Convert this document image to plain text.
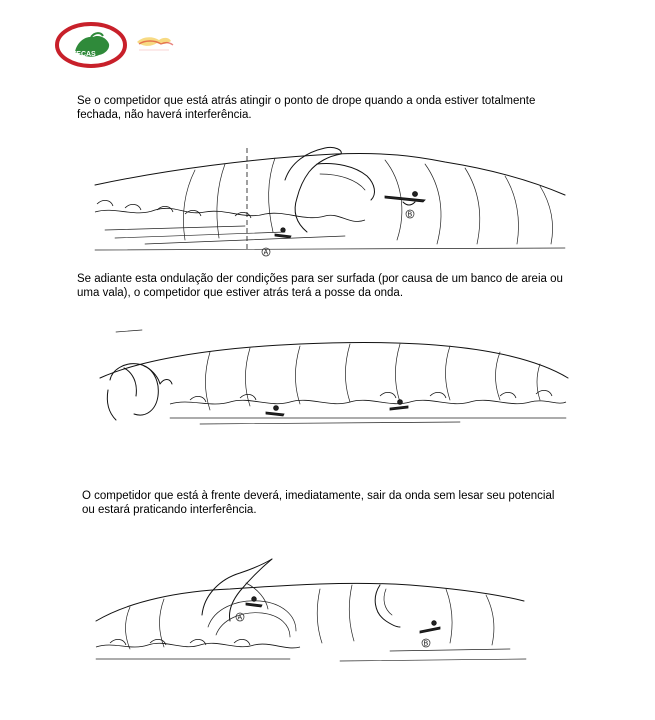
FECAS

Se o competidor que está atrás atingir o ponto de drope quando a onda estiver totalmente fechada, não haverá interferência.

B
A

Se adiante esta ondulação der condições para ser surfada (por causa de um banco de areia ou uma vala), o competidor que estiver atrás terá a posse da onda.

O competidor que está à frente deverá, imediatamente, sair da onda sem lesar seu potencial ou estará praticando interferência.

A
B
